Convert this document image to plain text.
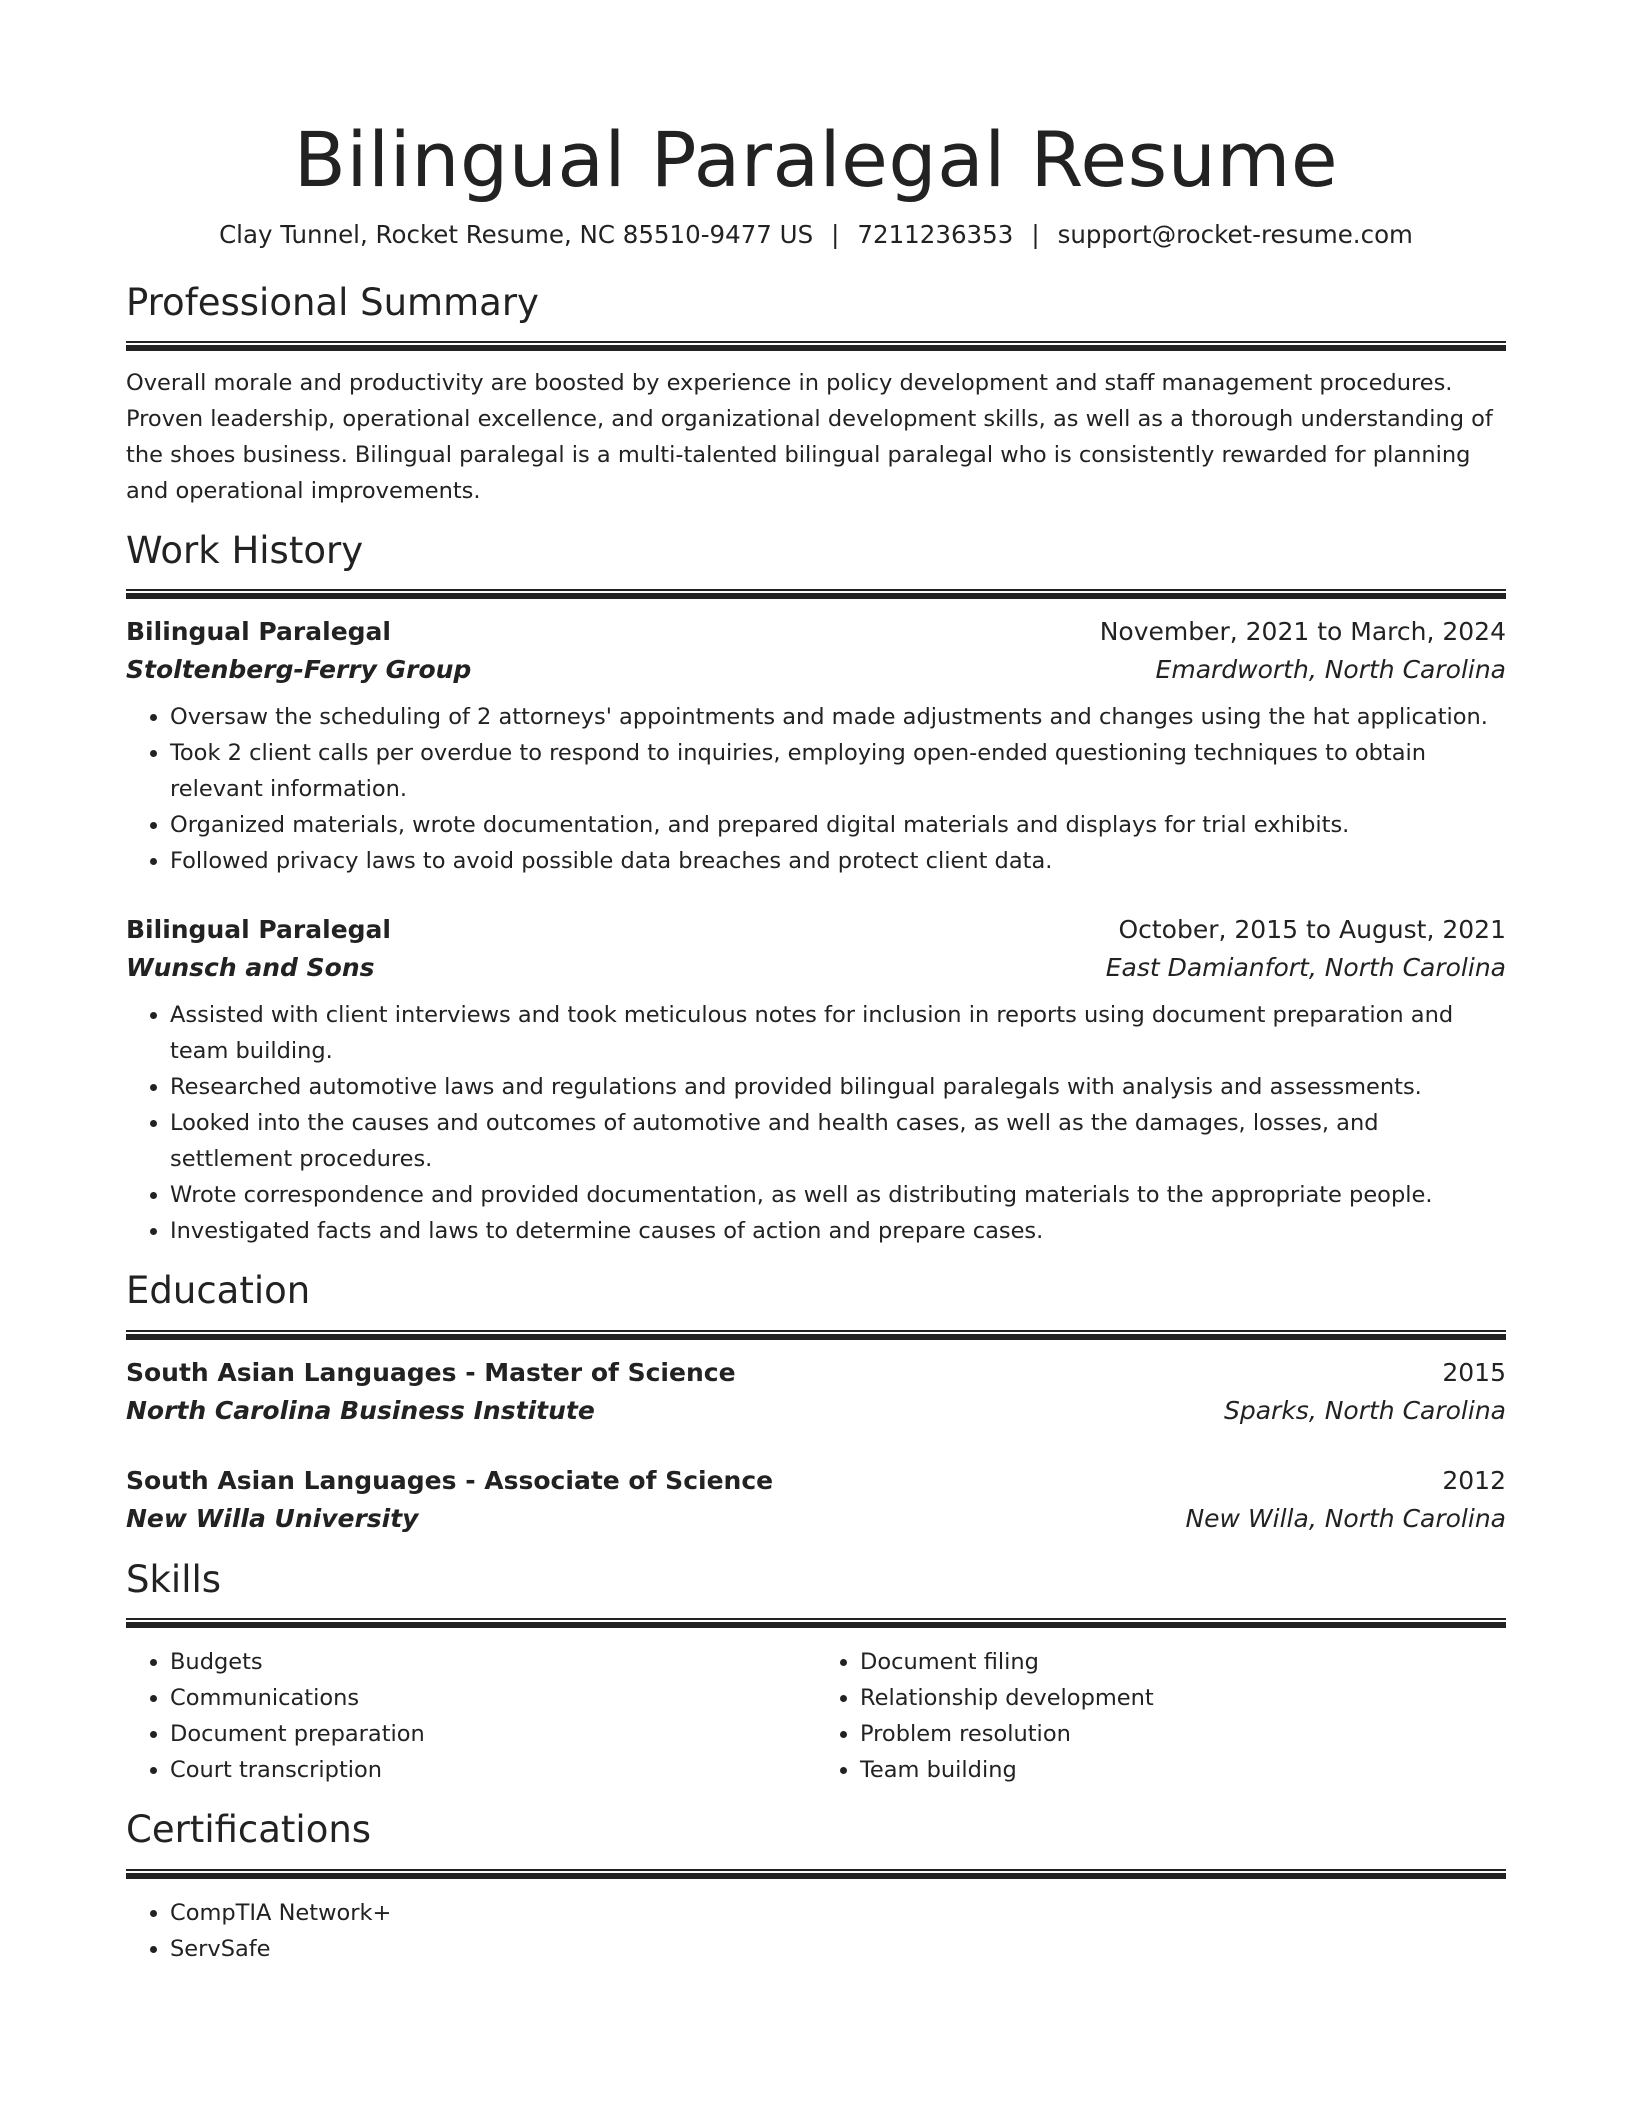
Bilingual Paralegal Resume
Clay Tunnel, Rocket Resume, NC 85510-9477 US | 7211236353 | support@rocket-resume.com
Professional Summary
Overall morale and productivity are boosted by experience in policy development and staff management procedures. Proven leadership, operational excellence, and organizational development skills, as well as a thorough understanding of the shoes business. Bilingual paralegal is a multi-talented bilingual paralegal who is consistently rewarded for planning and operational improvements.
Work History
Bilingual Paralegal	November, 2021 to March, 2024
Stoltenberg-Ferry Group	Emardworth, North Carolina
• Oversaw the scheduling of 2 attorneys' appointments and made adjustments and changes using the hat application.
• Took 2 client calls per overdue to respond to inquiries, employing open-ended questioning techniques to obtain relevant information.
• Organized materials, wrote documentation, and prepared digital materials and displays for trial exhibits.
• Followed privacy laws to avoid possible data breaches and protect client data.
Bilingual Paralegal	October, 2015 to August, 2021
Wunsch and Sons	East Damianfort, North Carolina
• Assisted with client interviews and took meticulous notes for inclusion in reports using document preparation and team building.
• Researched automotive laws and regulations and provided bilingual paralegals with analysis and assessments.
• Looked into the causes and outcomes of automotive and health cases, as well as the damages, losses, and settlement procedures.
• Wrote correspondence and provided documentation, as well as distributing materials to the appropriate people.
• Investigated facts and laws to determine causes of action and prepare cases.
Education
South Asian Languages - Master of Science	2015
North Carolina Business Institute	Sparks, North Carolina
South Asian Languages - Associate of Science	2012
New Willa University	New Willa, North Carolina
Skills
• Budgets
• Communications
• Document preparation
• Court transcription
• Document filing
• Relationship development
• Problem resolution
• Team building
Certifications
• CompTIA Network+
• ServSafe
